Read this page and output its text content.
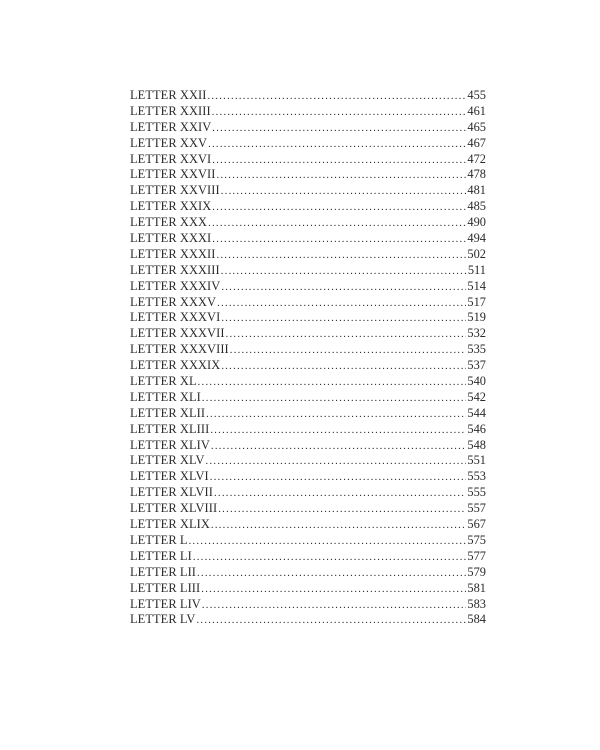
LETTER XXII .....	455
LETTER XXIII .....	461
LETTER XXIV .....	465
LETTER XXV .....	467
LETTER XXVI .....	472
LETTER XXVII .....	478
LETTER XXVIII .....	481
LETTER XXIX .....	485
LETTER XXX .....	490
LETTER XXXI .....	494
LETTER XXXII .....	502
LETTER XXXIII .....	511
LETTER XXXIV .....	514
LETTER XXXV .....	517
LETTER XXXVI .....	519
LETTER XXXVII .....	532
LETTER XXXVIII .....	535
LETTER XXXIX .....	537
LETTER XL .....	540
LETTER XLI .....	542
LETTER XLII .....	544
LETTER XLIII .....	546
LETTER XLIV .....	548
LETTER XLV .....	551
LETTER XLVI .....	553
LETTER XLVII .....	555
LETTER XLVIII .....	557
LETTER XLIX .....	567
LETTER L .....	575
LETTER LI .....	577
LETTER LII .....	579
LETTER LIII .....	581
LETTER LIV .....	583
LETTER LV .....	584
